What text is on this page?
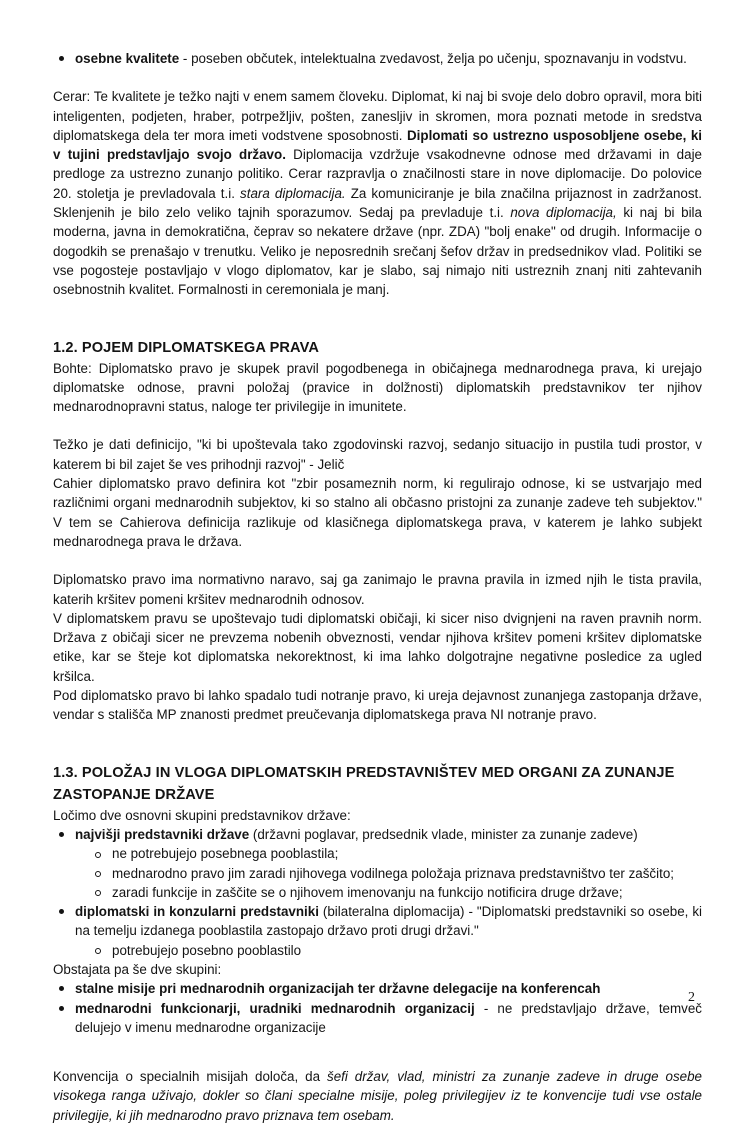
osebne kvalitete - poseben občutek, intelektualna zvedavost, želja po učenju, spoznavanju in vodstvu.

Cerar: Te kvalitete je težko najti v enem samem človeku. Diplomat, ki naj bi svoje delo dobro opravil, mora biti inteligenten, podjeten, hraber, potrpežljiv, pošten, zanesljiv in skromen, mora poznati metode in sredstva diplomatskega dela ter mora imeti vodstvene sposobnosti. Diplomati so ustrezno usposobljene osebe, ki v tujini predstavljajo svojo državo. Diplomacija vzdržuje vsakodnevne odnose med državami in daje predloge za ustrezno zunanjo politiko. Cerar razpravlja o značilnosti stare in nove diplomacije. Do polovice 20. stoletja je prevladovala t.i. stara diplomacija. Za komuniciranje je bila značilna prijaznost in zadržanost. Sklenjenih je bilo zelo veliko tajnih sporazumov. Sedaj pa prevladuje t.i. nova diplomacija, ki naj bi bila moderna, javna in demokratična, čeprav so nekatere države (npr. ZDA) "bolj enake" od drugih. Informacije o dogodkih se prenašajo v trenutku. Veliko je neposrednih srečanj šefov držav in predsednikov vlad. Politiki se vse pogosteje postavljajo v vlogo diplomatov, kar je slabo, saj nimajo niti ustreznih znanj niti zahtevanih osebnostnih kvalitet. Formalnosti in ceremoniala je manj.

1.2. POJEM DIPLOMATSKEGA PRAVA

Bohte: Diplomatsko pravo je skupek pravil pogodbenega in običajnega mednarodnega prava, ki urejajo diplomatske odnose, pravni položaj (pravice in dolžnosti) diplomatskih predstavnikov ter njihov mednarodnopravni status, naloge ter privilegije in imunitete.

Težko je dati definicijo, "ki bi upoštevala tako zgodovinski razvoj, sedanjo situacijo in pustila tudi prostor, v katerem bi bil zajet še ves prihodnji razvoj" - Jelič
Cahier diplomatsko pravo definira kot "zbir posameznih norm, ki regulirajo odnose, ki se ustvarjajo med različnimi organi mednarodnih subjektov, ki so stalno ali občasno pristojni za zunanje zadeve teh subjektov." V tem se Cahierova definicija razlikuje od klasičnega diplomatskega prava, v katerem je lahko subjekt mednarodnega prava le država.

Diplomatsko pravo ima normativno naravo, saj ga zanimajo le pravna pravila in izmed njih le tista pravila, katerih kršitev pomeni kršitev mednarodnih odnosov.
V diplomatskem pravu se upoštevajo tudi diplomatski običaji, ki sicer niso dvignjeni na raven pravnih norm. Država z običaji sicer ne prevzema nobenih obveznosti, vendar njihova kršitev pomeni kršitev diplomatske etike, kar se šteje kot diplomatska nekorektnost, ki ima lahko dolgotrajne negativne posledice za ugled kršilca.
Pod diplomatsko pravo bi lahko spadalo tudi notranje pravo, ki ureja dejavnost zunanjega zastopanja države, vendar s stališča MP znanosti predmet preučevanja diplomatskega prava NI notranje pravo.

1.3. POLOŽAJ IN VLOGA DIPLOMATSKIH PREDSTAVNIŠTEV MED ORGANI ZA ZUNANJE ZASTOPANJE DRŽAVE

Ločimo dve osnovni skupini predstavnikov države:

najvišji predstavniki države (državni poglavar, predsednik vlade, minister za zunanje zadeve)
ne potrebujejo posebnega pooblastila;
mednarodno pravo jim zaradi njihovega vodilnega položaja priznava predstavništvo ter zaščito;
zaradi funkcije in zaščite se o njihovem imenovanju na funkcijo notificira druge države;
diplomatski in konzularni predstavniki (bilateralna diplomacija) - "Diplomatski predstavniki so osebe, ki na temelju izdanega pooblastila zastopajo državo proti drugi državi."
potrebujejo posebno pooblastilo

Obstajata pa še dve skupini:

stalne misije pri mednarodnih organizacijah ter državne delegacije na konferencah
mednarodni funkcionarji, uradniki mednarodnih organizacij - ne predstavljajo države, temveč delujejo v imenu mednarodne organizacije

Konvencija o specialnih misijah določa, da šefi držav, vlad, ministri za zunanje zadeve in druge osebe visokega ranga uživajo, dokler so člani specialne misije, poleg privilegijev iz te konvencije tudi vse ostale privilegije, ki jih mednarodno pravo priznava tem osebam.

2
